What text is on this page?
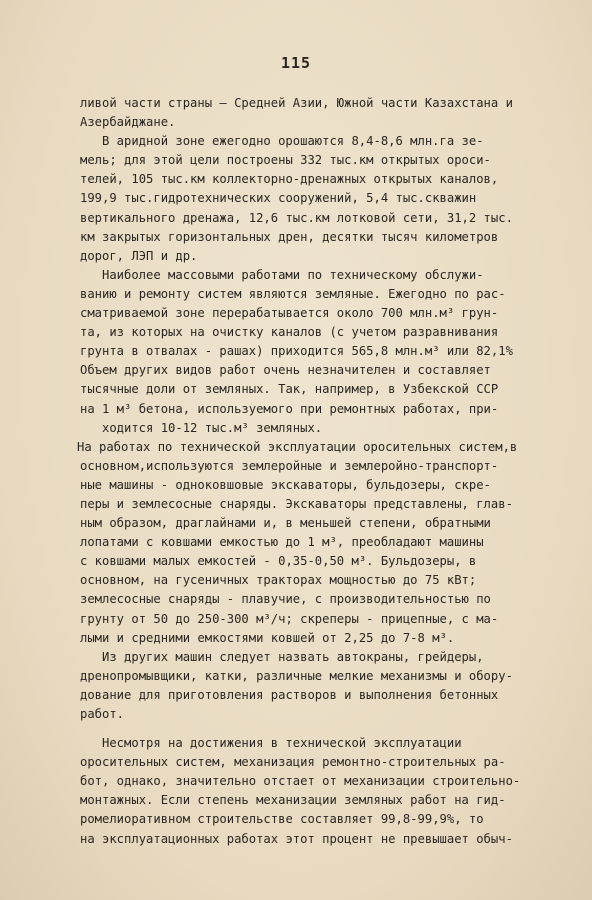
115
ливой части страны — Средней Азии, Южной части Казахстана и
Азербайджане.
В аридной зоне ежегодно орошаются 8,4-8,6 млн.га зе-
мель; для этой цели построены 332 тыс.км открытых ороси-
телей, 105 тыс.км коллекторно-дренажных открытых каналов,
199,9 тыс.гидротехнических сооружений, 5,4 тыс.скважин
вертикального дренажа, 12,6 тыс.км лотковой сети, 31,2 тыс.
км закрытых горизонтальных дрен, десятки тысяч километров
дорог, ЛЭП и др.
Наиболее массовыми работами по техническому обслужи-
ванию и ремонту систем являются земляные. Ежегодно по рас-
сматриваемой зоне перерабатывается около 700 млн.м³ грун-
та, из которых на очистку каналов (с учетом разравнивания
грунта в отвалах - рашах) приходится 565,8 млн.м³ или 82,1%
Объем других видов работ очень незначителен и составляет
тысячные доли от земляных. Так, например, в Узбекской ССР
на 1 м³ бетона, используемого при ремонтных работах, при-
ходится 10-12 тыс.м³ земляных.
На работах по технической эксплуатации оросительных систем,в
основном,используются землеройные и землеройно-транспорт-
ные машины - одноковшовые экскаваторы, бульдозеры, скре-
перы и землесосные снаряды. Экскаваторы представлены, глав-
ным образом, драглайнами и, в меньшей степени, обратными
лопатами с ковшами емкостью до 1 м³, преобладают машины
с ковшами малых емкостей - 0,35-0,50 м³. Бульдозеры, в
основном, на гусеничных тракторах мощностью до 75 кВт;
землесосные снаряды - плавучие, с производительностью по
грунту от 50 до 250-300 м³/ч; скреперы - прицепные, с ма-
лыми и средними емкостями ковшей от 2,25 до 7-8 м³.
Из других машин следует назвать автокраны, грейдеры,
дренопромывщики, катки, различные мелкие механизмы и обору-
дование для приготовления растворов и выполнения бетонных
работ.
Несмотря на достижения в технической эксплуатации
оросительных систем, механизация ремонтно-строительных ра-
бот, однако, значительно отстает от механизации строительно-
монтажных. Если степень механизации земляных работ на гид-
ромелиоративном строительстве составляет 99,8-99,9%, то
на эксплуатационных работах этот процент не превышает обыч-
